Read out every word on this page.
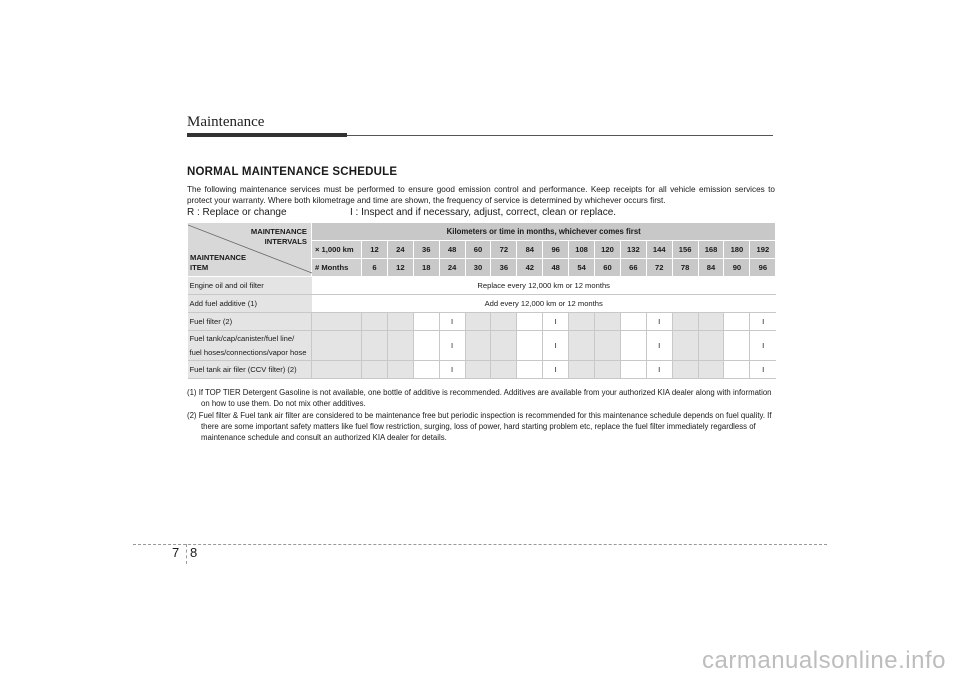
Maintenance
NORMAL MAINTENANCE SCHEDULE
The following maintenance services must be performed to ensure good emission control and performance. Keep receipts for all vehicle emission services to protect your warranty. Where both kilometrage and time are shown, the frequency of service is determined by whichever occurs first.
R : Replace or change	I : Inspect and if necessary, adjust, correct, clean or replace.
MAINTENANCE
INTERVALS
MAINTENANCE
ITEM	Kilometers or time in months, whichever comes first																
	× 1,000 km	12	24	36	48	60	72	84	96	108	120	132	144	156	168	180	192
	# Months	6	12	18	24	30	36	42	48	54	60	66	72	78	84	90	96
Engine oil and oil filter	Replace every 12,000 km or 12 months																
Add fuel additive (1)	Add every 12,000 km or 12 months																
Fuel filter (2)					I				I				I				I
Fuel tank/cap/canister/fuel line/
fuel hoses/connections/vapor hose					I				I				I				I
Fuel tank air filer (CCV filter) (2)					I				I				I				I
(1) If TOP TIER Detergent Gasoline is not available, one bottle of additive is recommended. Additives are available from your authorized KIA dealer along with information on how to use them. Do not mix other additives.
(2) Fuel filter & Fuel tank air filter are considered to be maintenance free but periodic inspection is recommended for this maintenance schedule depends on fuel quality. If there are some important safety matters like fuel flow restriction, surging, loss of power, hard starting problem etc, replace the fuel filter immediately regardless of maintenance schedule and consult an authorized KIA dealer for details.
7 8
carmanualsonline.info
